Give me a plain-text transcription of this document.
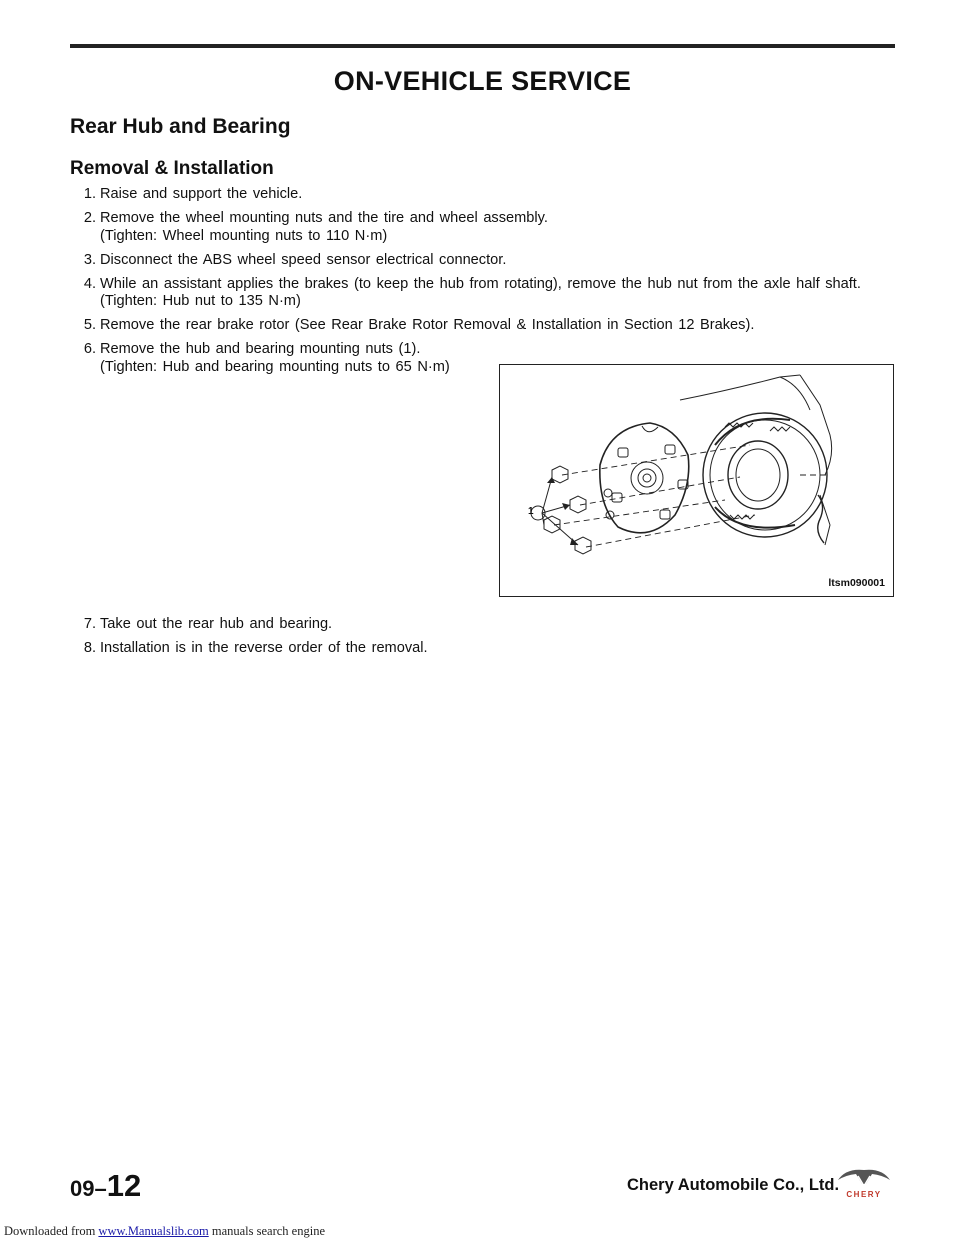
ON-VEHICLE SERVICE
Rear Hub and Bearing
Removal & Installation
1. Raise and support the vehicle.
2. Remove the wheel mounting nuts and the tire and wheel assembly.
(Tighten: Wheel mounting nuts to 110 N·m)
3. Disconnect the ABS wheel speed sensor electrical connector.
4. While an assistant applies the brakes (to keep the hub from rotating), remove the hub nut from the axle half shaft.
(Tighten: Hub nut to 135 N·m)
5. Remove the rear brake rotor (See Rear Brake Rotor Removal & Installation in Section 12 Brakes).
6. Remove the hub and bearing mounting nuts (1).
(Tighten: Hub and bearing mounting nuts to 65 N·m)
1
ltsm090001
7. Take out the rear hub and bearing.
8. Installation is in the reverse order of the removal.
09–12	Chery Automobile Co., Ltd.
CHERY
Downloaded from www.Manualslib.com manuals search engine
